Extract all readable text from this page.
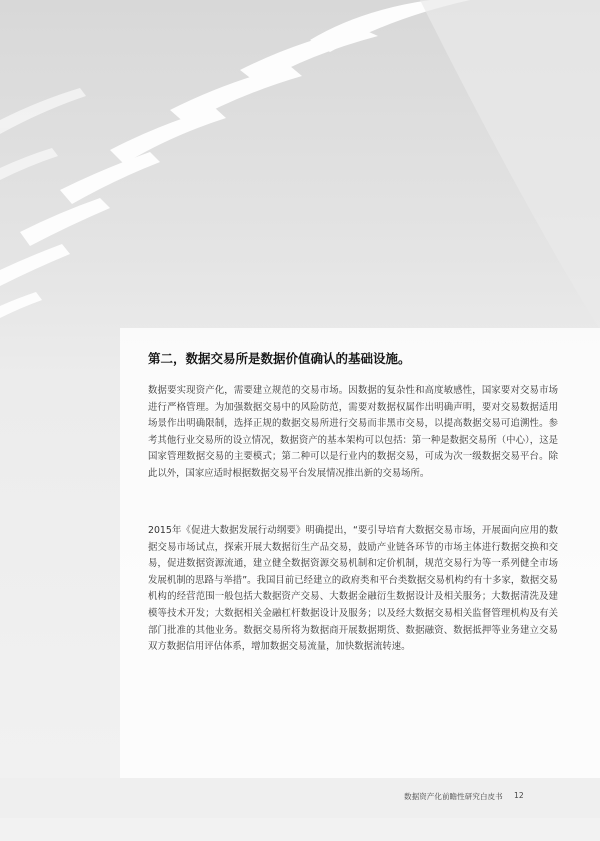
第二，数据交易所是数据价值确认的基础设施。
数据要实现资产化，需要建立规范的交易市场。因数据的复杂性和高度敏感性，国家要对交易市场进行严格管理。为加强数据交易中的风险防范，需要对数据权属作出明确声明，要对交易数据适用场景作出明确限制，选择正规的数据交易所进行交易而非黑市交易，以提高数据交易可追溯性。参考其他行业交易所的设立情况，数据资产的基本架构可以包括：第一种是数据交易所（中心），这是国家管理数据交易的主要模式；第二种可以是行业内的数据交易，可成为次一级数据交易平台。除此以外，国家应适时根据数据交易平台发展情况推出新的交易场所。
2015年《促进大数据发展行动纲要》明确提出，“要引导培育大数据交易市场，开展面向应用的数据交易市场试点，探索开展大数据衍生产品交易，鼓励产业链各环节的市场主体进行数据交换和交易，促进数据资源流通，建立健全数据资源交易机制和定价机制，规范交易行为等一系列健全市场发展机制的思路与举措”。我国目前已经建立的政府类和平台类数据交易机构约有十多家，数据交易机构的经营范围一般包括大数据资产交易、大数据金融衍生数据设计及相关服务；大数据清洗及建模等技术开发；大数据相关金融杠杆数据设计及服务；以及经大数据交易相关监督管理机构及有关部门批准的其他业务。数据交易所将为数据商开展数据期货、数据融资、数据抵押等业务建立交易双方数据信用评估体系，增加数据交易流量，加快数据流转速。
数据资产化前瞻性研究白皮书 12
